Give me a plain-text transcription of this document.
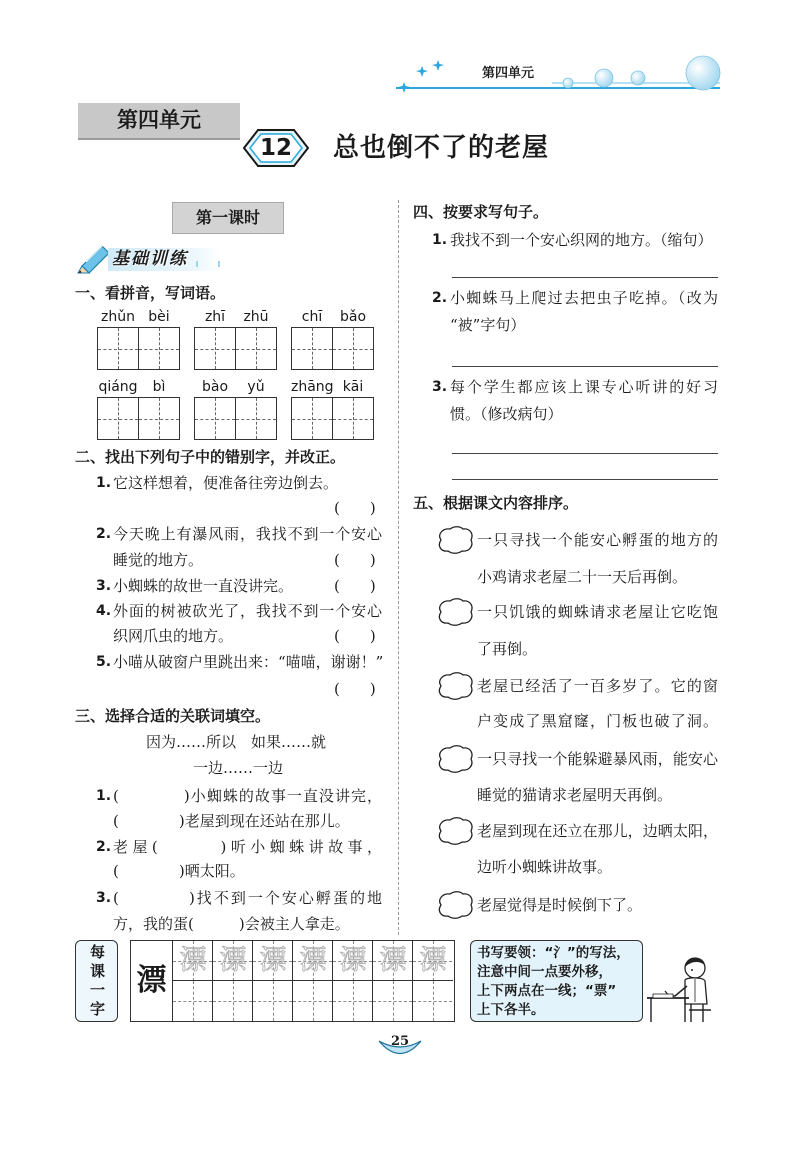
第四单元
第四单元
12	总也倒不了的老屋
第一课时
基础训练
一、看拼音，写词语。
zhǔn bèi	zhī	zhū	chī	bǎo
qiáng	bì	bào	yǔ	zhāng kāi
二、找出下列句子中的错别字，并改正。
1. 它这样想着，便准备往旁边倒去。
(　　)
2. 今天晚上有瀑风雨，我找不到一个安心
睡觉的地方。	(　　)
3. 小蜘蛛的故世一直没讲完。	(　　)
4. 外面的树被砍光了，我找不到一个安心
织网爪虫的地方。	(　　)
5. 小喵从破窗户里跳出来：“喵喵，谢谢！”
(　　)
三、选择合适的关联词填空。
因为……所以　如果……就
一边……一边
1. (　　　　)小蜘蛛的故事一直没讲完，
(　　　　)老屋到现在还站在那儿。
2. 老屋(　　　)听小蜘蛛讲故事，
(　　　　)晒太阳。
3. (　　　　)找不到一个安心孵蛋的地
方，我的蛋(　　　)会被主人拿走。
四、按要求写句子。
1. 我找不到一个安心织网的地方。（缩句）
2. 小蜘蛛马上爬过去把虫子吃掉。（改为
“被”字句）
3. 每个学生都应该上课专心听讲的好习
惯。（修改病句）
五、根据课文内容排序。
一只寻找一个能安心孵蛋的地方的
小鸡请求老屋二十一天后再倒。
一只饥饿的蜘蛛请求老屋让它吃饱
了再倒。
老屋已经活了一百多岁了。它的窗
户变成了黑窟窿，门板也破了洞。
一只寻找一个能躲避暴风雨，能安心
睡觉的猫请求老屋明天再倒。
老屋到现在还立在那儿，边晒太阳，
边听小蜘蛛讲故事。
老屋觉得是时候倒下了。
每课一字	漂
漂 漂 漂 漂 漂 漂 漂	书写要领：“氵”的写法，
注意中间一点要外移，
上下两点在一线；“票”
上下各半。
25
